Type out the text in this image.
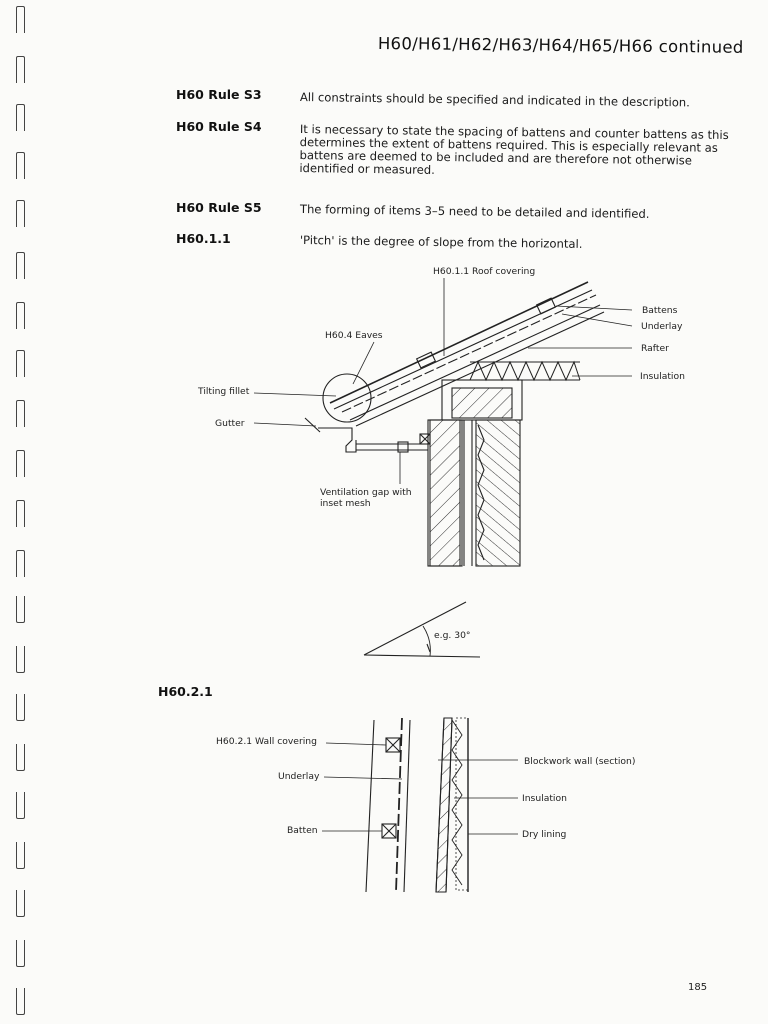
H60/H61/H62/H63/H64/H65/H66 continued
H60 Rule S3	All constraints should be specified and indicated in the description.
H60 Rule S4	It is necessary to state the spacing of battens and counter battens as this determines the extent of battens required. This is especially relevant as battens are deemed to be included and are therefore not otherwise identified or measured.
H60 Rule S5	The forming of items 3–5 need to be detailed and identified.
H60.1.1	'Pitch' is the degree of slope from the horizontal.
H60.1.1 Roof covering
Battens
Underlay
Rafter
Insulation
H60.4 Eaves
Tilting fillet
Gutter
Ventilation gap with inset mesh
e.g. 30°
H60.2.1
H60.2.1 Wall covering
Underlay
Batten
Blockwork wall (section)
Insulation
Dry lining
185
